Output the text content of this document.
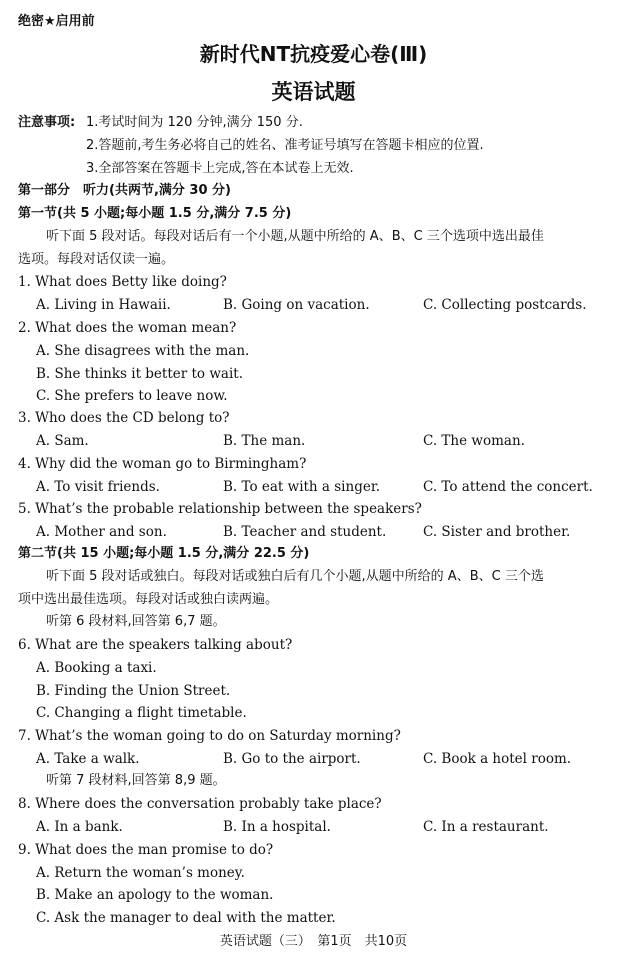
绝密★启用前
新时代NT抗疫爱心卷(Ⅲ)
英语试题
注意事项: 1.考试时间为 120 分钟,满分 150 分.
2.答题前,考生务必将自己的姓名、准考证号填写在答题卡相应的位置.
3.全部答案在答题卡上完成,答在本试卷上无效.
第一部分　听力(共两节,满分 30 分)
第一节(共 5 小题;每小题 1.5 分,满分 7.5 分)
听下面 5 段对话。每段对话后有一个小题,从题中所给的 A、B、C 三个选项中选出最佳
选项。每段对话仅读一遍。
1. What does Betty like doing?
A. Living in Hawaii.	B. Going on vacation.	C. Collecting postcards.
2. What does the woman mean?
A. She disagrees with the man.
B. She thinks it better to wait.
C. She prefers to leave now.
3. Who does the CD belong to?
A. Sam.	B. The man.	C. The woman.
4. Why did the woman go to Birmingham?
A. To visit friends.	B. To eat with a singer.	C. To attend the concert.
5. What’s the probable relationship between the speakers?
A. Mother and son.	B. Teacher and student.	C. Sister and brother.
第二节(共 15 小题;每小题 1.5 分,满分 22.5 分)
听下面 5 段对话或独白。每段对话或独白后有几个小题,从题中所给的 A、B、C 三个选
项中选出最佳选项。每段对话或独白读两遍。
听第 6 段材料,回答第 6,7 题。
6. What are the speakers talking about?
A. Booking a taxi.
B. Finding the Union Street.
C. Changing a flight timetable.
7. What’s the woman going to do on Saturday morning?
A. Take a walk.	B. Go to the airport.	C. Book a hotel room.
听第 7 段材料,回答第 8,9 题。
8. Where does the conversation probably take place?
A. In a bank.	B. In a hospital.	C. In a restaurant.
9. What does the man promise to do?
A. Return the woman’s money.
B. Make an apology to the woman.
C. Ask the manager to deal with the matter.
英语试题（三）　第1页　共10页
